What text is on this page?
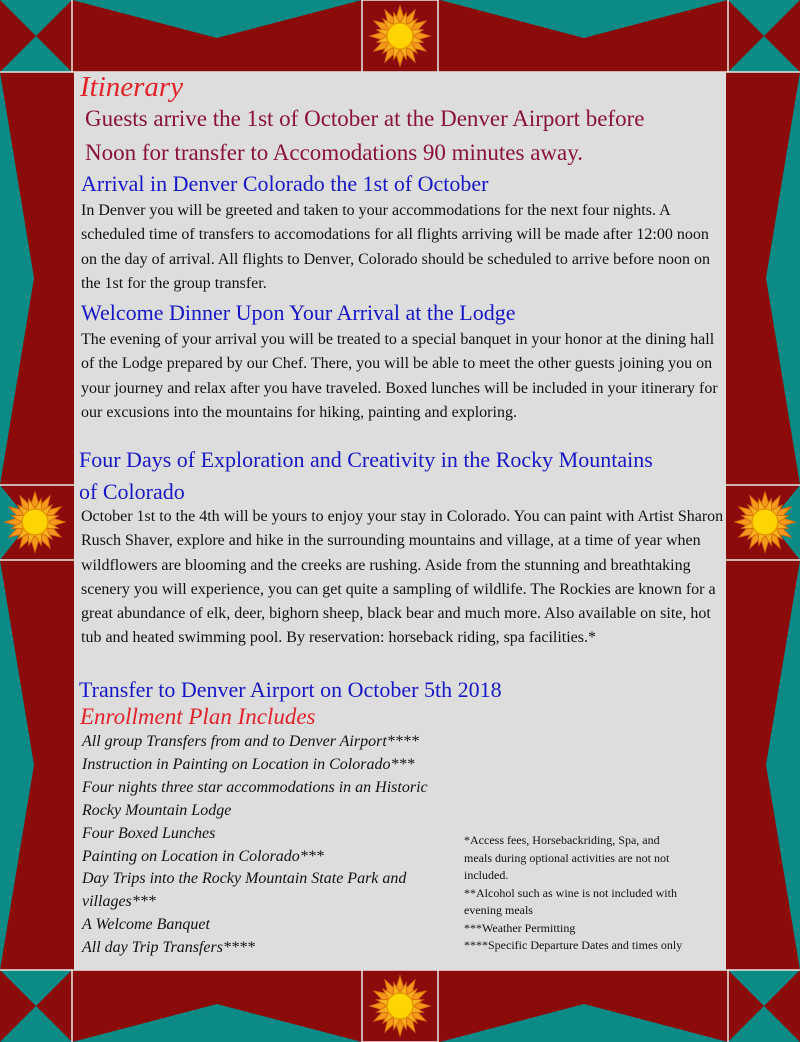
Itinerary
Guests arrive the 1st of October at the Denver Airport before
Noon for transfer to Accomodations 90 minutes away.
Arrival in Denver Colorado the 1st of October

In Denver you will be greeted and taken to your accommodations for the next four nights. A scheduled time of transfers to accomodations for all flights arriving will be made after 12:00 noon on the day of arrival. All flights to Denver, Colorado should be scheduled to arrive before noon on the 1st for the group transfer.

Welcome Dinner Upon Your Arrival at the Lodge

The evening of your arrival you will be treated to a special banquet in your honor at the dining hall of the Lodge prepared by our Chef. There, you will be able to meet the other guests joining you on your journey and relax after you have traveled. Boxed lunches will be included in your itinerary for our excusions into the mountains for hiking, painting and exploring.

Four Days of Exploration and Creativity in the Rocky Mountains
of Colorado

October 1st to the 4th will be yours to enjoy your stay in Colorado. You can paint with Artist Sharon Rusch Shaver, explore and hike in the surrounding mountains and village, at a time of year when wildflowers are blooming and the creeks are rushing. Aside from the stunning and breathtaking scenery you will experience, you can get quite a sampling of wildlife. The Rockies are known for a great abundance of elk, deer, bighorn sheep, black bear and much more. Also available on site, hot tub and heated swimming pool. By reservation: horseback riding, spa facilities.*

Transfer to Denver Airport on October 5th 2018
Enrollment Plan Includes
All group Transfers from and to Denver Airport****
Instruction in Painting on Location in Colorado***
Four nights three star accommodations in an Historic
Rocky Mountain Lodge
Four Boxed Lunches
Painting on Location in Colorado***
Day Trips into the Rocky Mountain State Park and
villages***
A Welcome Banquet
All day Trip Transfers****
*Access fees, Horsebackriding, Spa, and
meals during optional activities are not not
included.
**Alcohol such as wine is not included with
evening meals
***Weather Permitting
****Specific Departure Dates and times only
